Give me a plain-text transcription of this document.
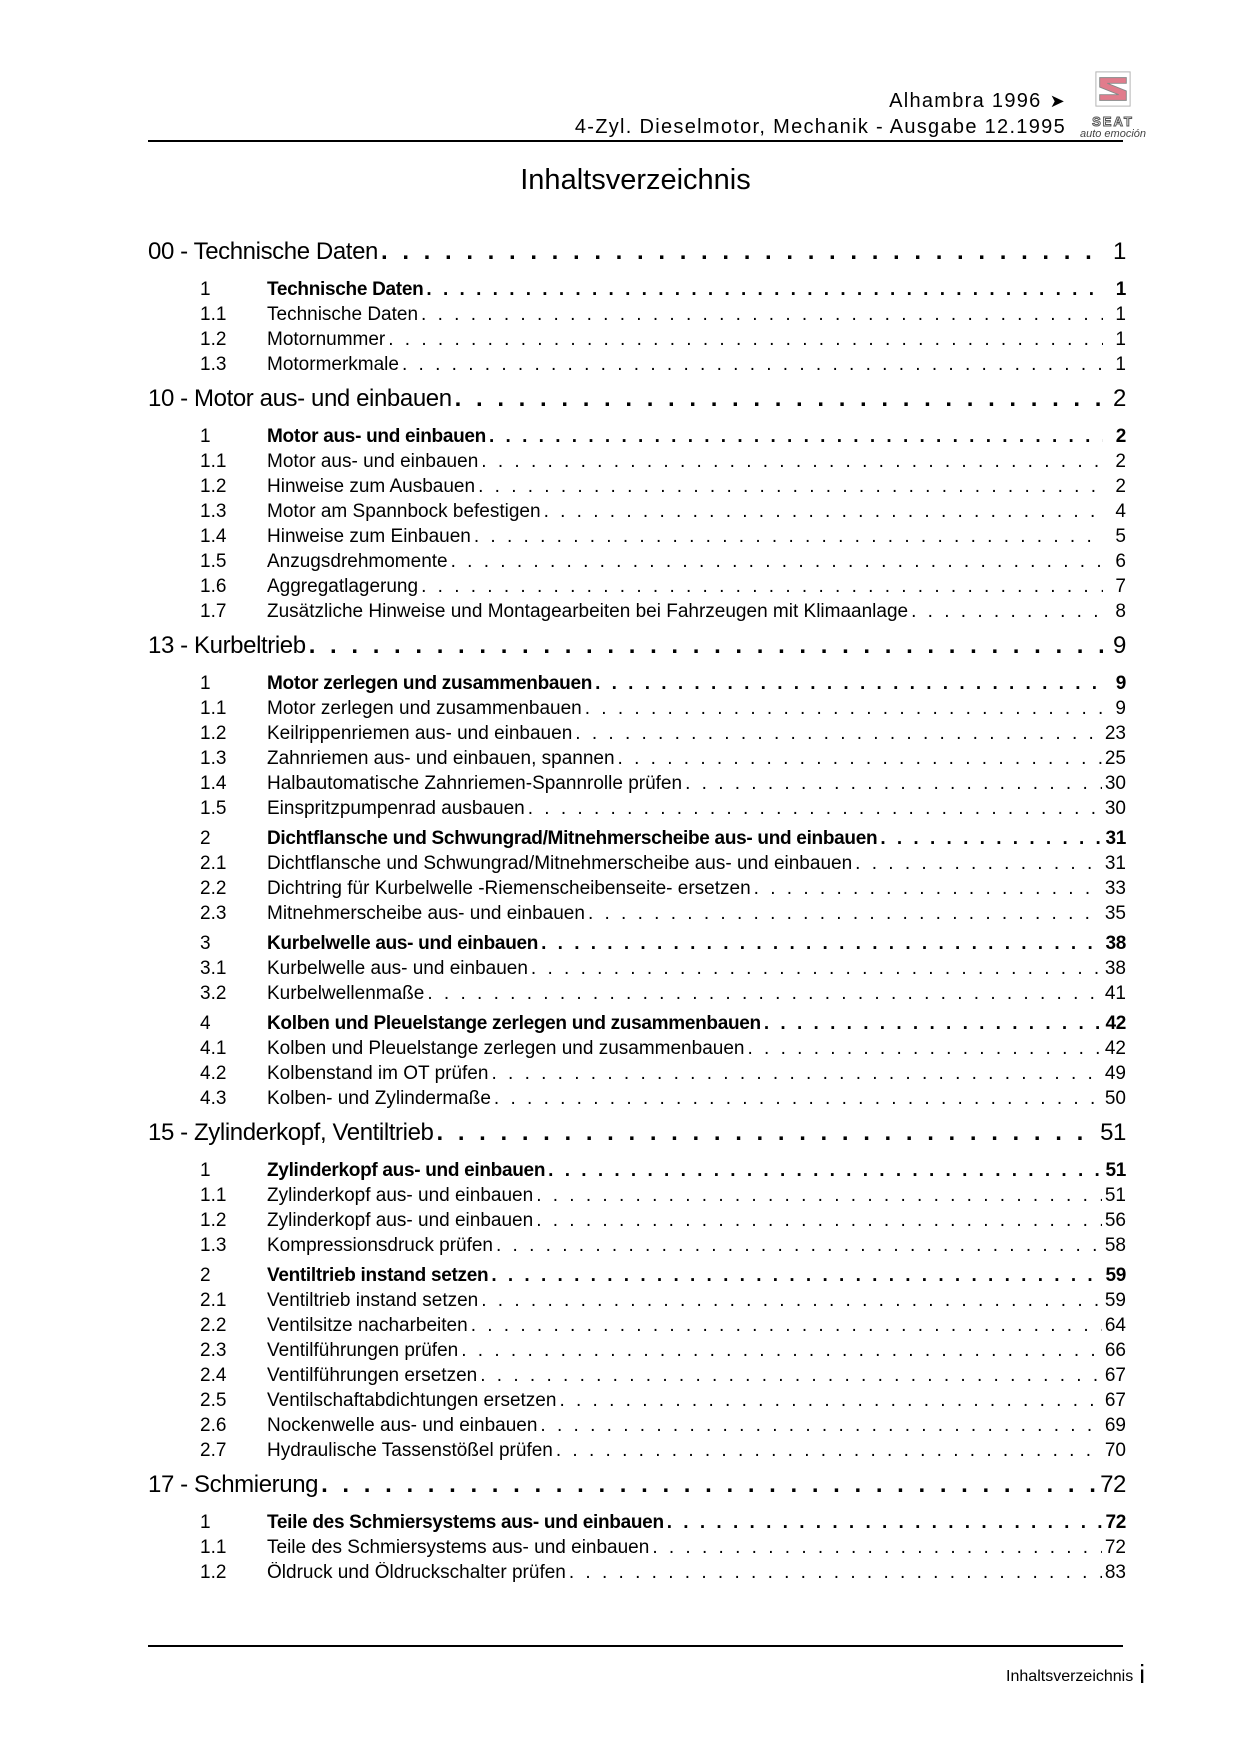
Alhambra 1996 ➤
4-Zyl. Dieselmotor, Mechanik - Ausgabe 12.1995	SEAT
auto emoción
Inhaltsverzeichnis
00 - Technische Daten . . .	1
1	Technische Daten . . .	1
1.1	Technische Daten . . .	1
1.2	Motornummer . . .	1
1.3	Motormerkmale . . .	1
10 - Motor aus- und einbauen . . .	2
1	Motor aus- und einbauen . . .	2
1.1	Motor aus- und einbauen . . .	2
1.2	Hinweise zum Ausbauen . . .	2
1.3	Motor am Spannbock befestigen . . .	4
1.4	Hinweise zum Einbauen . . .	5
1.5	Anzugsdrehmomente . . .	6
1.6	Aggregatlagerung . . .	7
1.7	Zusätzliche Hinweise und Montagearbeiten bei Fahrzeugen mit Klimaanlage . . .	8
13 - Kurbeltrieb . . .	9
1	Motor zerlegen und zusammenbauen . . .	9
1.1	Motor zerlegen und zusammenbauen . . .	9
1.2	Keilrippenriemen aus- und einbauen . . .	23
1.3	Zahnriemen aus- und einbauen, spannen . . .	25
1.4	Halbautomatische Zahnriemen-Spannrolle prüfen . . .	30
1.5	Einspritzpumpenrad ausbauen . . .	30
2	Dichtflansche und Schwungrad/Mitnehmerscheibe aus- und einbauen . . .	31
2.1	Dichtflansche und Schwungrad/Mitnehmerscheibe aus- und einbauen . . .	31
2.2	Dichtring für Kurbelwelle -Riemenscheibenseite- ersetzen . . .	33
2.3	Mitnehmerscheibe aus- und einbauen . . .	35
3	Kurbelwelle aus- und einbauen . . .	38
3.1	Kurbelwelle aus- und einbauen . . .	38
3.2	Kurbelwellenmaße . . .	41
4	Kolben und Pleuelstange zerlegen und zusammenbauen . . .	42
4.1	Kolben und Pleuelstange zerlegen und zusammenbauen . . .	42
4.2	Kolbenstand im OT prüfen . . .	49
4.3	Kolben- und Zylindermaße . . .	50
15 - Zylinderkopf, Ventiltrieb . . .	51
1	Zylinderkopf aus- und einbauen . . .	51
1.1	Zylinderkopf aus- und einbauen . . .	51
1.2	Zylinderkopf aus- und einbauen . . .	56
1.3	Kompressionsdruck prüfen . . .	58
2	Ventiltrieb instand setzen . . .	59
2.1	Ventiltrieb instand setzen . . .	59
2.2	Ventilsitze nacharbeiten . . .	64
2.3	Ventilführungen prüfen . . .	66
2.4	Ventilführungen ersetzen . . .	67
2.5	Ventilschaftabdichtungen ersetzen . . .	67
2.6	Nockenwelle aus- und einbauen . . .	69
2.7	Hydraulische Tassenstößel prüfen . . .	70
17 - Schmierung . . .	72
1	Teile des Schmiersystems aus- und einbauen . . .	72
1.1	Teile des Schmiersystems aus- und einbauen . . .	72
1.2	Öldruck und Öldruckschalter prüfen . . .	83
Inhaltsverzeichnis i
